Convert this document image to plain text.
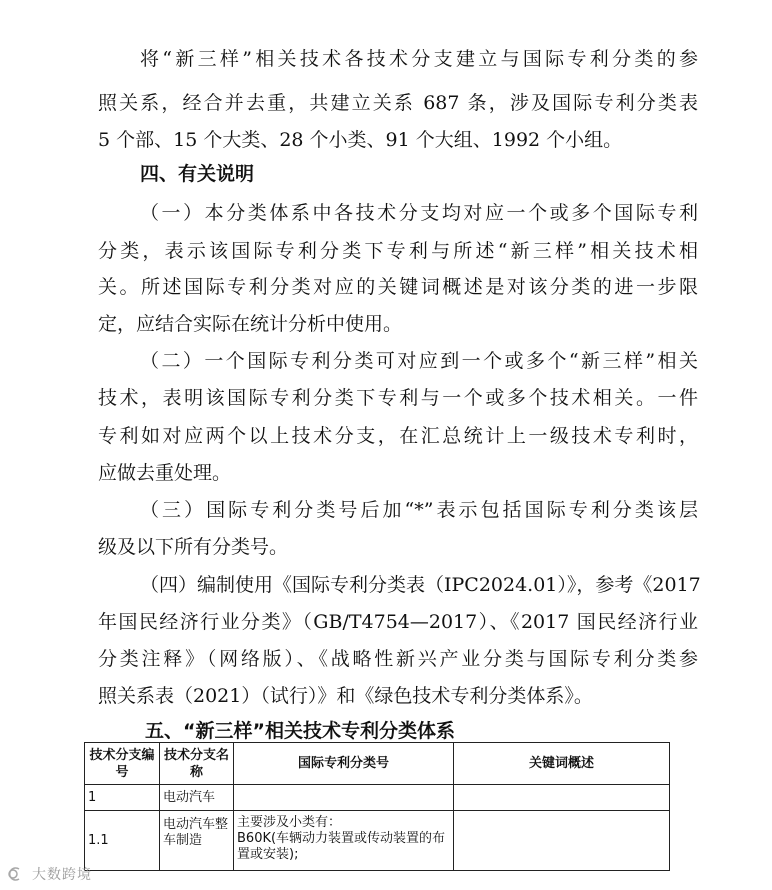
将“新三样”相关技术各技术分支建立与国际专利分类的参
照关系，经合并去重，共建立关系 687 条，涉及国际专利分类表
5 个部、15 个大类、28 个小类、91 个大组、1992 个小组。
四、有关说明
（一）本分类体系中各技术分支均对应一个或多个国际专利
分类，表示该国际专利分类下专利与所述“新三样”相关技术相
关。所述国际专利分类对应的关键词概述是对该分类的进一步限
定，应结合实际在统计分析中使用。
（二）一个国际专利分类可对应到一个或多个“新三样”相关
技术，表明该国际专利分类下专利与一个或多个技术相关。一件
专利如对应两个以上技术分支，在汇总统计上一级技术专利时，
应做去重处理。
（三）国际专利分类号后加“*”表示包括国际专利分类该层
级及以下所有分类号。
（四）编制使用《国际专利分类表（IPC2024.01）》，参考《2017
年国民经济行业分类》（GB/T4754—2017）、《2017 国民经济行业
分类注释》（网络版）、《战略性新兴产业分类与国际专利分类参
照关系表（2021）（试行）》和《绿色技术专利分类体系》。
五、“新三样”相关技术专利分类体系
技术分支编号	技术分支名称	国际专利分类号	关键词概述
1	电动汽车		
1.1	电动汽车整车制造	主要涉及小类有：
B60K(车辆动力装置或传动装置的布置或安装);	
大数跨境
